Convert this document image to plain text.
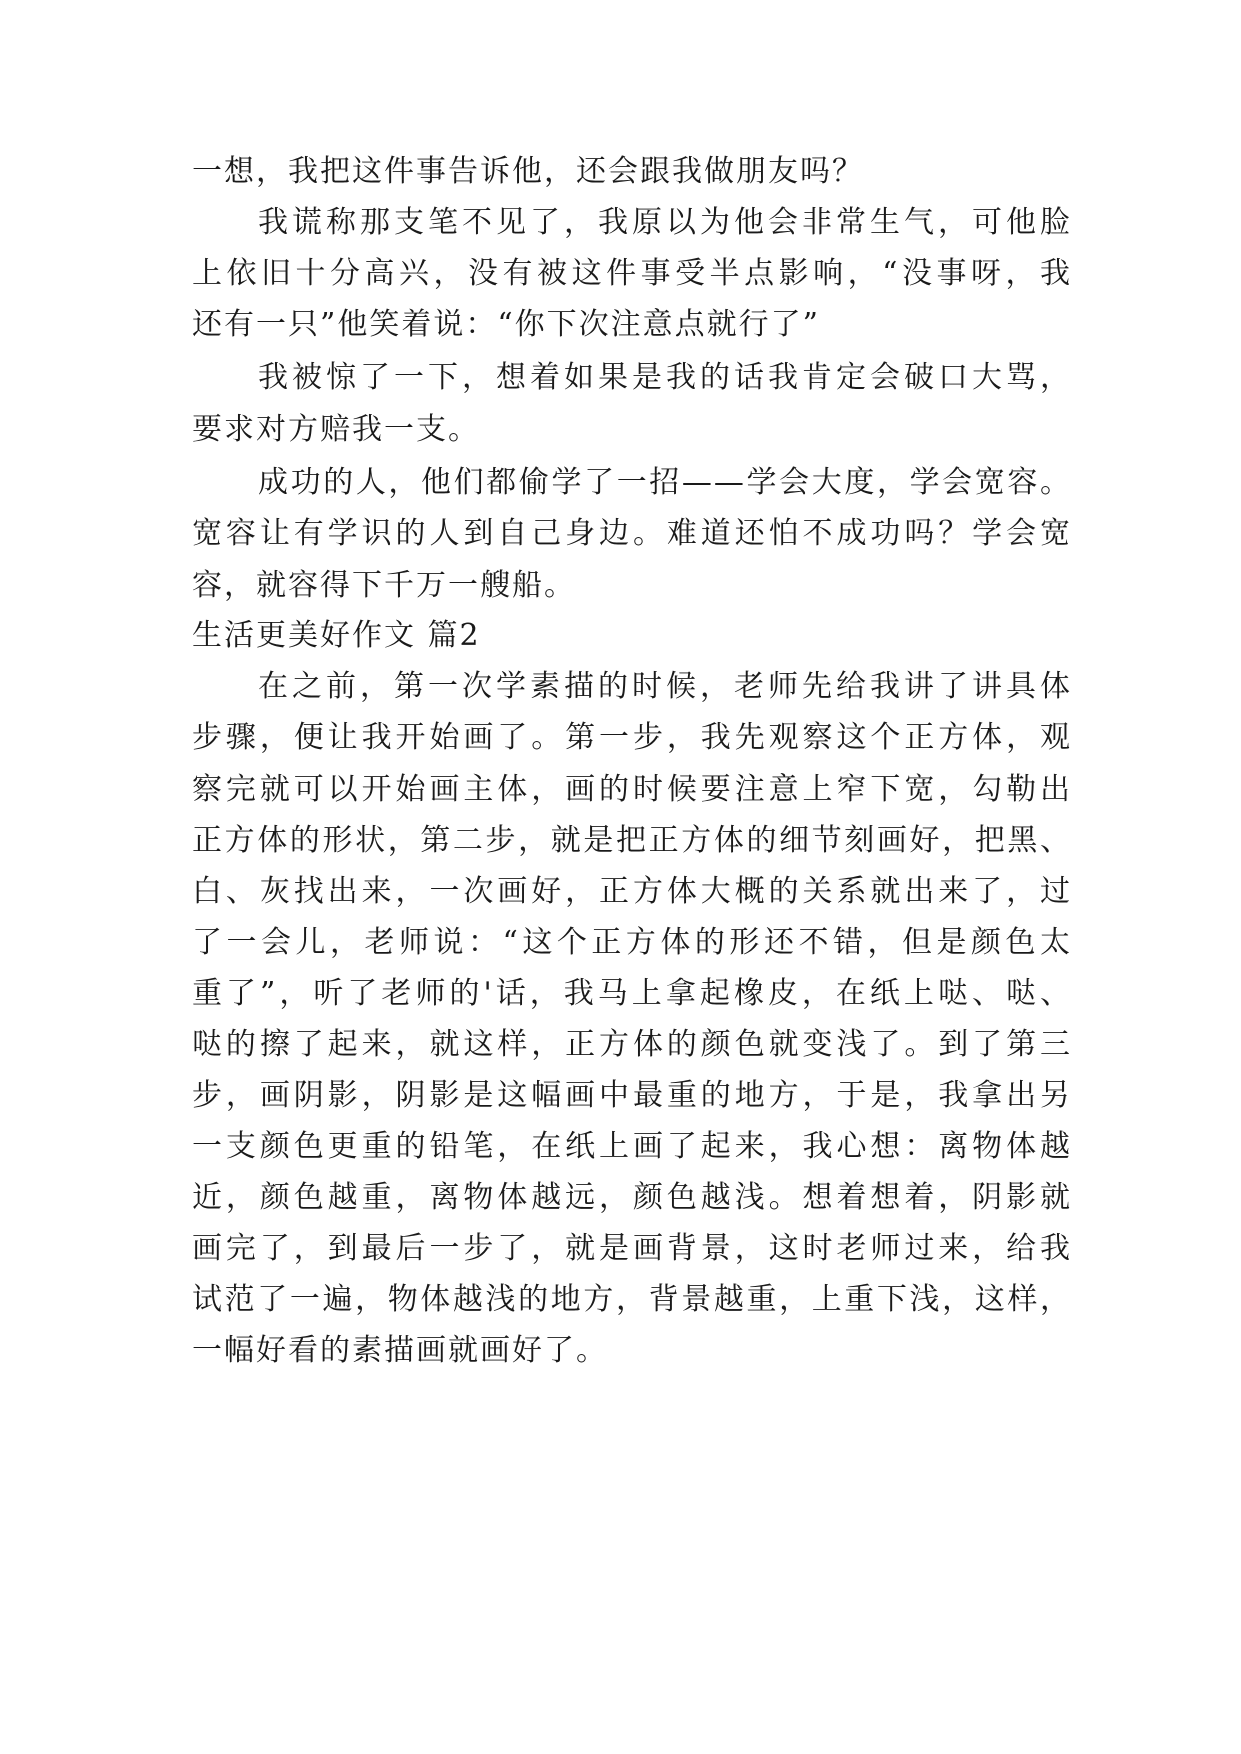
一想，我把这件事告诉他，还会跟我做朋友吗？
我谎称那支笔不见了，我原以为他会非常生气，可他脸
上依旧十分高兴，没有被这件事受半点影响，“没事呀，我
还有一只”他笑着说：“你下次注意点就行了”
我被惊了一下，想着如果是我的话我肯定会破口大骂，
要求对方赔我一支。
成功的人，他们都偷学了一招——学会大度，学会宽容。
宽容让有学识的人到自己身边。难道还怕不成功吗？学会宽
容，就容得下千万一艘船。
生活更美好作文 篇2
在之前，第一次学素描的时候，老师先给我讲了讲具体
步骤，便让我开始画了。第一步，我先观察这个正方体，观
察完就可以开始画主体，画的时候要注意上窄下宽，勾勒出
正方体的形状，第二步，就是把正方体的细节刻画好，把黑、
白、灰找出来，一次画好，正方体大概的关系就出来了，过
了一会儿，老师说：“这个正方体的形还不错，但是颜色太
重了”，听了老师的'话，我马上拿起橡皮，在纸上哒、哒、
哒的擦了起来，就这样，正方体的颜色就变浅了。到了第三
步，画阴影，阴影是这幅画中最重的地方，于是，我拿出另
一支颜色更重的铅笔，在纸上画了起来，我心想：离物体越
近，颜色越重，离物体越远，颜色越浅。想着想着，阴影就
画完了，到最后一步了，就是画背景，这时老师过来，给我
试范了一遍，物体越浅的地方，背景越重，上重下浅，这样，
一幅好看的素描画就画好了。
